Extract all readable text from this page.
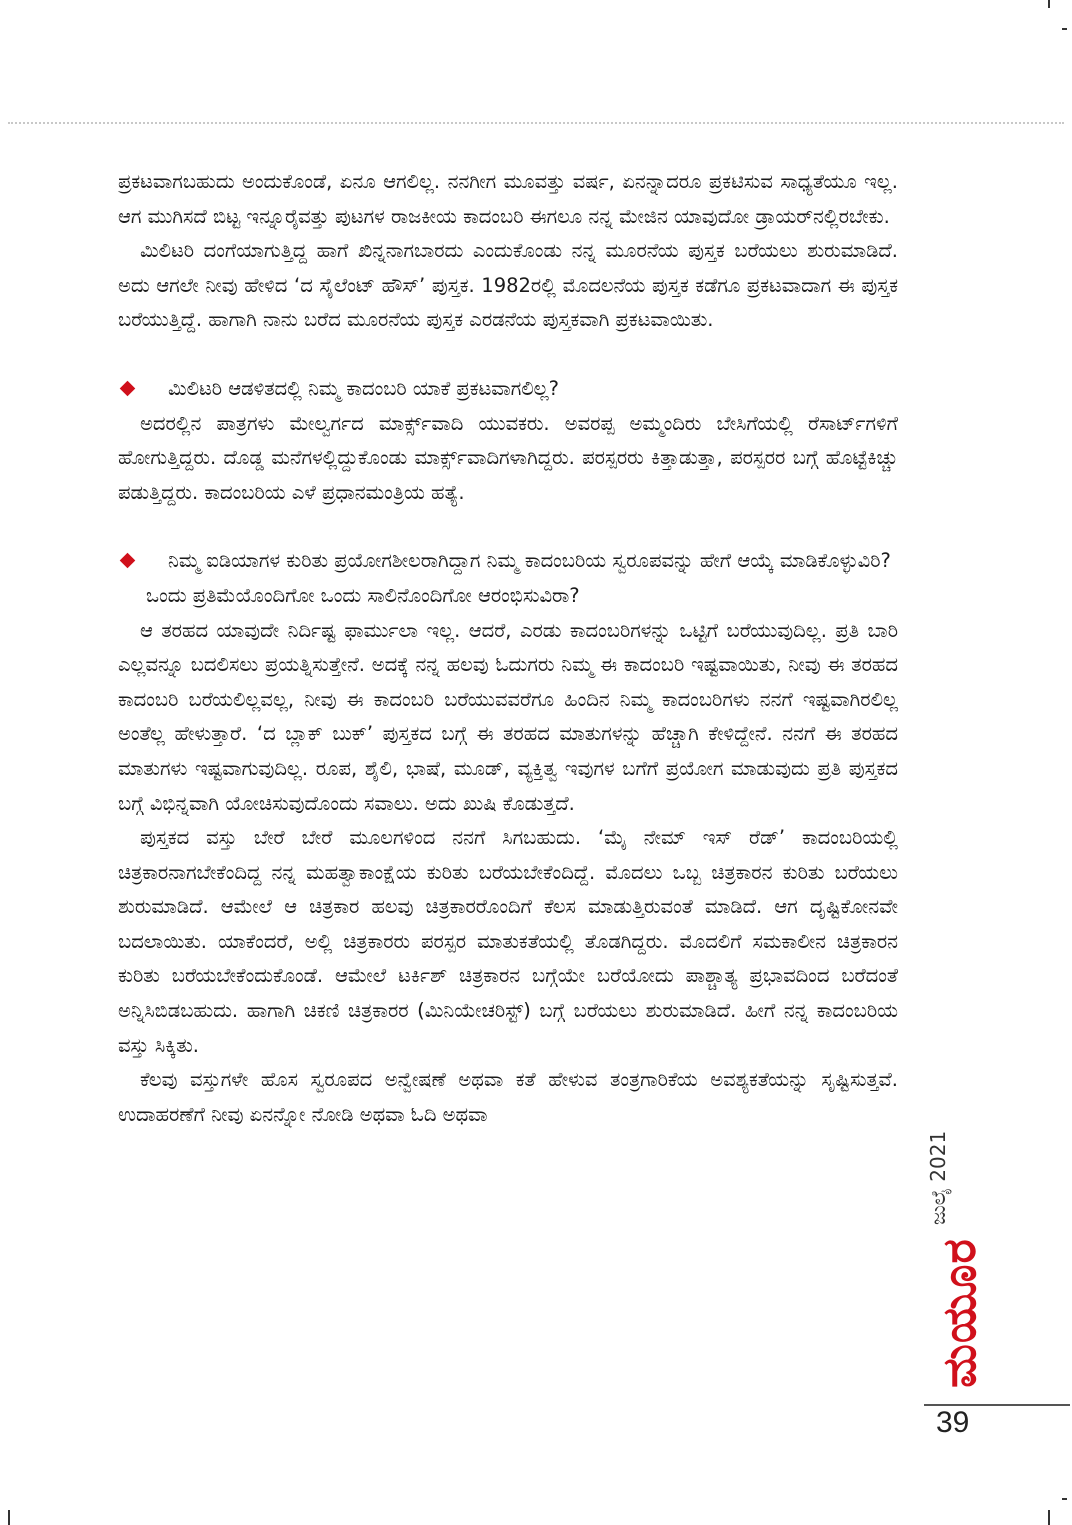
ಪ್ರಕಟವಾಗಬಹುದು ಅಂದುಕೊಂಡೆ, ಏನೂ ಆಗಲಿಲ್ಲ. ನನಗೀಗ ಮೂವತ್ತು ವರ್ಷ, ಏನನ್ನಾದರೂ ಪ್ರಕಟಿಸುವ ಸಾಧ್ಯತೆಯೂ ಇಲ್ಲ. ಆಗ ಮುಗಿಸದೆ ಬಿಟ್ಟ ಇನ್ನೂರೈವತ್ತು ಪುಟಗಳ ರಾಜಕೀಯ ಕಾದಂಬರಿ ಈಗಲೂ ನನ್ನ ಮೇಜಿನ ಯಾವುದೋ ಡ್ರಾಯರ್‌ನಲ್ಲಿರಬೇಕು.

ಮಿಲಿಟರಿ ದಂಗೆಯಾಗುತ್ತಿದ್ದ ಹಾಗೆ ಖಿನ್ನನಾಗಬಾರದು ಎಂದುಕೊಂಡು ನನ್ನ ಮೂರನೆಯ ಪುಸ್ತಕ ಬರೆಯಲು ಶುರುಮಾಡಿದೆ. ಅದು ಆಗಲೇ ನೀವು ಹೇಳಿದ ‘ದ ಸೈಲೆಂಟ್ ಹೌಸ್’ ಪುಸ್ತಕ. 1982ರಲ್ಲಿ ಮೊದಲನೆಯ ಪುಸ್ತಕ ಕಡೆಗೂ ಪ್ರಕಟವಾದಾಗ ಈ ಪುಸ್ತಕ ಬರೆಯುತ್ತಿದ್ದೆ. ಹಾಗಾಗಿ ನಾನು ಬರೆದ ಮೂರನೆಯ ಪುಸ್ತಕ ಎರಡನೆಯ ಪುಸ್ತಕವಾಗಿ ಪ್ರಕಟವಾಯಿತು.

ಮಿಲಿಟರಿ ಆಡಳಿತದಲ್ಲಿ ನಿಮ್ಮ ಕಾದಂಬರಿ ಯಾಕೆ ಪ್ರಕಟವಾಗಲಿಲ್ಲ?

ಅದರಲ್ಲಿನ ಪಾತ್ರಗಳು ಮೇಲ್ವರ್ಗದ ಮಾರ್ಕ್ಸ್‌ವಾದಿ ಯುವಕರು. ಅವರಪ್ಪ ಅಮ್ಮಂದಿರು ಬೇಸಿಗೆಯಲ್ಲಿ ರೆಸಾರ್ಟ್‌ಗಳಿಗೆ ಹೋಗುತ್ತಿದ್ದರು. ದೊಡ್ಡ ಮನೆಗಳಲ್ಲಿದ್ದುಕೊಂಡು ಮಾರ್ಕ್ಸ್‌ವಾದಿಗಳಾಗಿದ್ದರು. ಪರಸ್ಪರರು ಕಿತ್ತಾಡುತ್ತಾ, ಪರಸ್ಪರರ ಬಗ್ಗೆ ಹೊಟ್ಟೆಕಿಚ್ಚು ಪಡುತ್ತಿದ್ದರು. ಕಾದಂಬರಿಯ ಎಳೆ ಪ್ರಧಾನಮಂತ್ರಿಯ ಹತ್ಯೆ.

ನಿಮ್ಮ ಐಡಿಯಾಗಳ ಕುರಿತು ಪ್ರಯೋಗಶೀಲರಾಗಿದ್ದಾಗ ನಿಮ್ಮ ಕಾದಂಬರಿಯ ಸ್ವರೂಪವನ್ನು ಹೇಗೆ ಆಯ್ಕೆ ಮಾಡಿಕೊಳ್ಳುವಿರಿ? ಒಂದು ಪ್ರತಿಮೆಯೊಂದಿಗೋ ಒಂದು ಸಾಲಿನೊಂದಿಗೋ ಆರಂಭಿಸುವಿರಾ?

ಆ ತರಹದ ಯಾವುದೇ ನಿರ್ದಿಷ್ಟ ಫಾರ್ಮುಲಾ ಇಲ್ಲ. ಆದರೆ, ಎರಡು ಕಾದಂಬರಿಗಳನ್ನು ಒಟ್ಟಿಗೆ ಬರೆಯುವುದಿಲ್ಲ. ಪ್ರತಿ ಬಾರಿ ಎಲ್ಲವನ್ನೂ ಬದಲಿಸಲು ಪ್ರಯತ್ನಿಸುತ್ತೇನೆ. ಅದಕ್ಕೆ ನನ್ನ ಹಲವು ಓದುಗರು ನಿಮ್ಮ ಈ ಕಾದಂಬರಿ ಇಷ್ಟವಾಯಿತು, ನೀವು ಈ ತರಹದ ಕಾದಂಬರಿ ಬರೆಯಲಿಲ್ಲವಲ್ಲ, ನೀವು ಈ ಕಾದಂಬರಿ ಬರೆಯುವವರೆಗೂ ಹಿಂದಿನ ನಿಮ್ಮ ಕಾದಂಬರಿಗಳು ನನಗೆ ಇಷ್ಟವಾಗಿರಲಿಲ್ಲ ಅಂತೆಲ್ಲ ಹೇಳುತ್ತಾರೆ. ‘ದ ಬ್ಲಾಕ್ ಬುಕ್’ ಪುಸ್ತಕದ ಬಗ್ಗೆ ಈ ತರಹದ ಮಾತುಗಳನ್ನು ಹೆಚ್ಚಾಗಿ ಕೇಳಿದ್ದೇನೆ. ನನಗೆ ಈ ತರಹದ ಮಾತುಗಳು ಇಷ್ಟವಾಗುವುದಿಲ್ಲ. ರೂಪ, ಶೈಲಿ, ಭಾಷೆ, ಮೂಡ್, ವ್ಯಕ್ತಿತ್ವ ಇವುಗಳ ಬಗೆಗೆ ಪ್ರಯೋಗ ಮಾಡುವುದು ಪ್ರತಿ ಪುಸ್ತಕದ ಬಗ್ಗೆ ವಿಭಿನ್ನವಾಗಿ ಯೋಚಿಸುವುದೊಂದು ಸವಾಲು. ಅದು ಖುಷಿ ಕೊಡುತ್ತದೆ.

ಪುಸ್ತಕದ ವಸ್ತು ಬೇರೆ ಬೇರೆ ಮೂಲಗಳಿಂದ ನನಗೆ ಸಿಗಬಹುದು. ‘ಮೈ ನೇಮ್ ಇಸ್ ರೆಡ್’ ಕಾದಂಬರಿಯಲ್ಲಿ ಚಿತ್ರಕಾರನಾಗಬೇಕೆಂದಿದ್ದ ನನ್ನ ಮಹತ್ವಾಕಾಂಕ್ಷೆಯ ಕುರಿತು ಬರೆಯಬೇಕೆಂದಿದ್ದೆ. ಮೊದಲು ಒಬ್ಬ ಚಿತ್ರಕಾರನ ಕುರಿತು ಬರೆಯಲು ಶುರುಮಾಡಿದೆ. ಆಮೇಲೆ ಆ ಚಿತ್ರಕಾರ ಹಲವು ಚಿತ್ರಕಾರರೊಂದಿಗೆ ಕೆಲಸ ಮಾಡುತ್ತಿರುವಂತೆ ಮಾಡಿದೆ. ಆಗ ದೃಷ್ಟಿಕೋನವೇ ಬದಲಾಯಿತು. ಯಾಕೆಂದರೆ, ಅಲ್ಲಿ ಚಿತ್ರಕಾರರು ಪರಸ್ಪರ ಮಾತುಕತೆಯಲ್ಲಿ ತೊಡಗಿದ್ದರು. ಮೊದಲಿಗೆ ಸಮಕಾಲೀನ ಚಿತ್ರಕಾರನ ಕುರಿತು ಬರೆಯಬೇಕೆಂದುಕೊಂಡೆ. ಆಮೇಲೆ ಟರ್ಕಿಶ್ ಚಿತ್ರಕಾರನ ಬಗ್ಗೆಯೇ ಬರೆಯೋದು ಪಾಶ್ಚಾತ್ಯ ಪ್ರಭಾವದಿಂದ ಬರೆದಂತೆ ಅನ್ನಿಸಿಬಿಡಬಹುದು. ಹಾಗಾಗಿ ಚಿಕಣಿ ಚಿತ್ರಕಾರರ (ಮಿನಿಯೇಚರಿಸ್ಟ್) ಬಗ್ಗೆ ಬರೆಯಲು ಶುರುಮಾಡಿದೆ. ಹೀಗೆ ನನ್ನ ಕಾದಂಬರಿಯ ವಸ್ತು ಸಿಕ್ಕಿತು.

ಕೆಲವು ವಸ್ತುಗಳೇ ಹೊಸ ಸ್ವರೂಪದ ಅನ್ವೇಷಣೆ ಅಥವಾ ಕತೆ ಹೇಳುವ ತಂತ್ರಗಾರಿಕೆಯ ಅವಶ್ಯಕತೆಯನ್ನು ಸೃಷ್ಟಿಸುತ್ತವೆ. ಉದಾಹರಣೆಗೆ ನೀವು ಏನನ್ನೋ ನೋಡಿ ಅಥವಾ ಓದಿ ಅಥವಾ

ಜುಲೈ 2021
ಮಯೂರ
39
